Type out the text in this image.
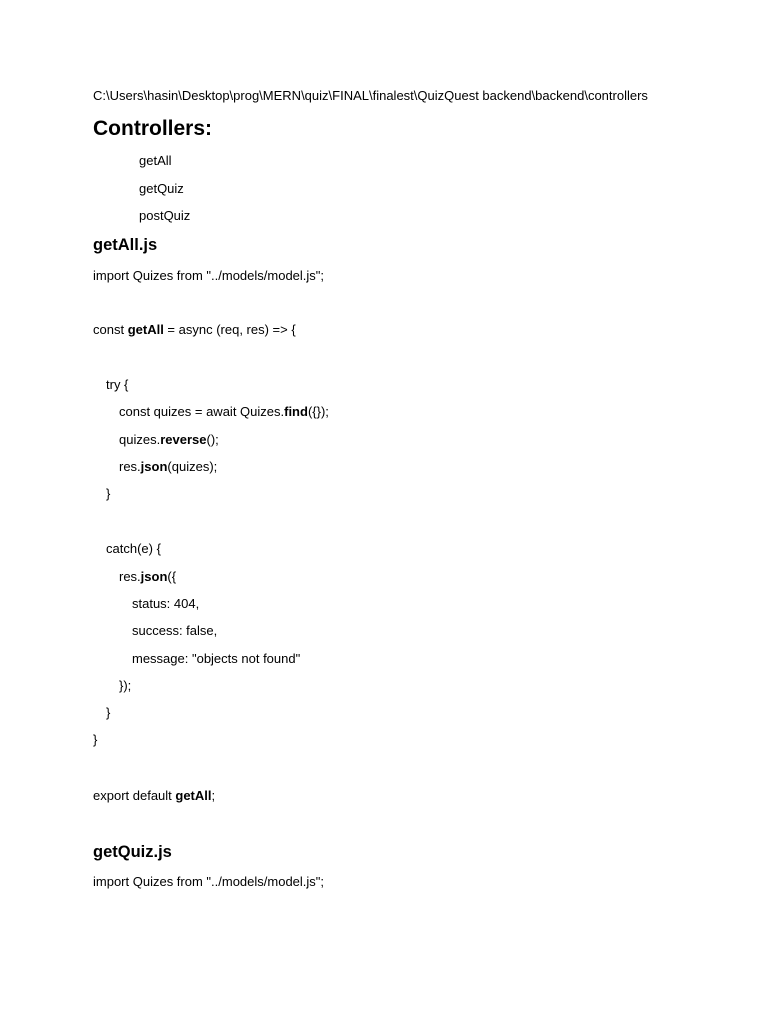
C:\Users\hasin\Desktop\prog\MERN\quiz\FINAL\finalest\QuizQuest backend\backend\controllers
Controllers:
getAll
getQuiz
postQuiz
getAll.js
import Quizes from "../models/model.js";
const getAll = async (req, res) => {
try {
const quizes = await Quizes.find({});
quizes.reverse();
res.json(quizes);
}
catch(e) {
res.json({
status: 404,
success: false,
message: "objects not found"
});
}
}
export default getAll;
getQuiz.js
import Quizes from "../models/model.js";
